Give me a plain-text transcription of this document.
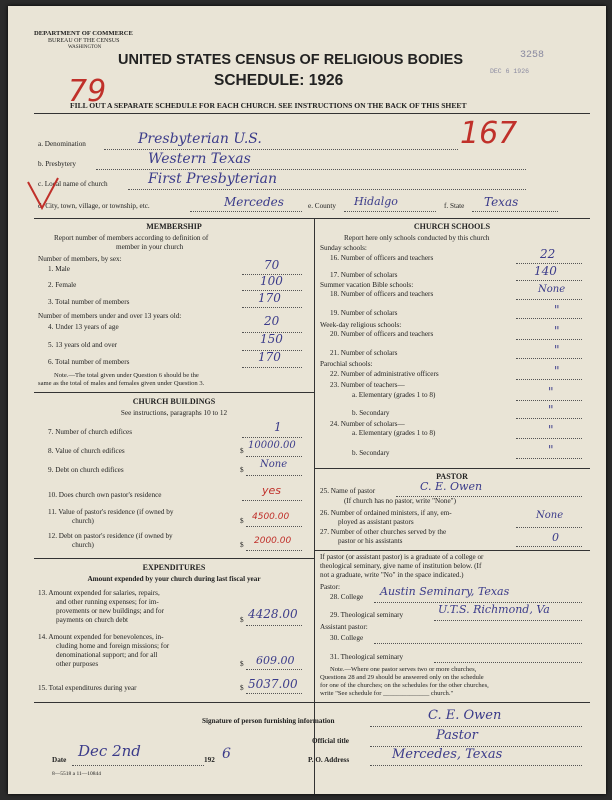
DEPARTMENT OF COMMERCE
BUREAU OF THE CENSUS
WASHINGTON
UNITED STATES CENSUS OF RELIGIOUS BODIES
SCHEDULE: 1926
3258
DEC 6 1926
79
167
FILL OUT A SEPARATE SCHEDULE FOR EACH CHURCH. SEE INSTRUCTIONS ON THE BACK OF THIS SHEET
a. Denomination	Presbyterian U.S.
b. Presbytery	Western Texas
c. Local name of church	First Presbyterian
d. City, town, village, or township, etc.	Mercedes	e. County Hidalgo	f. State Texas
MEMBERSHIP
Report number of members according to definition of
member in your church
Number of members, by sex:
1. Male	70
2. Female	100
3. Total number of members	170
Number of members under and over 13 years old:
4. Under 13 years of age	20
5. 13 years old and over	150
6. Total number of members	170
Note.—The total given under Question 6 should be the
same as the total of males and females given under Question 3.
CHURCH BUILDINGS
See instructions, paragraphs 10 to 12
7. Number of church edifices	1
8. Value of church edifices	$ 10000.00
9. Debt on church edifices	$ None
10. Does church own pastor's residence	yes
11. Value of pastor's residence (if owned by
church)	$ 4500.00
12. Debt on pastor's residence (if owned by
church)	$ 2000.00
EXPENDITURES
Amount expended by your church during last fiscal year
13. Amount expended for salaries, repairs,
and other running expenses; for im-
provements or new buildings; and for
payments on church debt	$ 4428.00
14. Amount expended for benevolences, in-
cluding home and foreign missions; for
denominational support; and for all
other purposes	$ 609.00
15. Total expenditures during year	$ 5037.00
CHURCH SCHOOLS
Report here only schools conducted by this church
Sunday schools:
16. Number of officers and teachers	22
17. Number of scholars	140
Summer vacation Bible schools:
18. Number of officers and teachers	None
19. Number of scholars	"
Week-day religious schools:
20. Number of officers and teachers	"
21. Number of scholars	"
Parochial schools:
22. Number of administrative officers	"
23. Number of teachers—
a. Elementary (grades 1 to 8)	"
b. Secondary	"
24. Number of scholars—
a. Elementary (grades 1 to 8)	"
b. Secondary	"
PASTOR
25. Name of pastor	C. E. Owen
(If church has no pastor, write "None")
26. Number of ordained ministers, if any, em-
ployed as assistant pastors
None
27. Number of other churches served by the
pastor or his assistants	0
If pastor (or assistant pastor) is a graduate of a college or
theological seminary, give name of institution below. (If
not a graduate, write "No" in the space indicated.)
Pastor:
28. College Austin Seminary, Texas
29. Theological seminary	U.T.S. Richmond, Va
Assistant pastor:
30. College
31. Theological seminary
Note.—Where one pastor serves two or more churches,
Questions 28 and 29 should be answered only on the schedule
for one of the churches; on the schedules for the other churches,
write "See schedule for ______________ church."
Signature of person furnishing information	C. E. Owen
Official title	Pastor
Date Dec 2nd	192 6	P. O. Address	Mercedes, Texas
8—5518 a 11—10844
